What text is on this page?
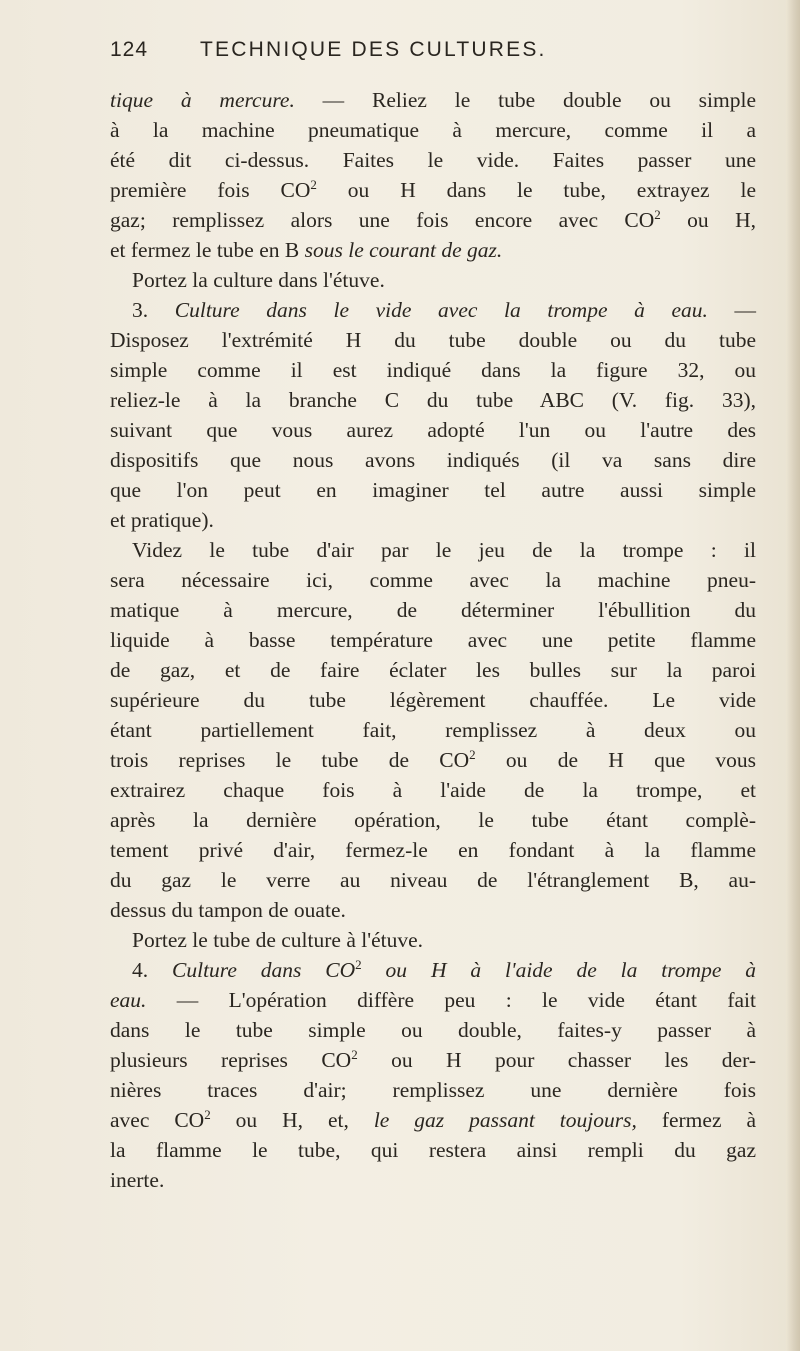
124 TECHNIQUE DES CULTURES.
tique à mercure. — Reliez le tube double ou simple
à la machine pneumatique à mercure, comme il a
été dit ci-dessus. Faites le vide. Faites passer une
première fois $CO^2$ ou H dans le tube, extrayez le
gaz; remplissez alors une fois encore avec $CO^2$ ou H,
et fermez le tube en B sous le courant de gaz.
Portez la culture dans l'étuve.
3. Culture dans le vide avec la trompe à eau. —
Disposez l'extrémité H du tube double ou du tube
simple comme il est indiqué dans la figure 32, ou
reliez-le à la branche C du tube ABC (V. fig. 33),
suivant que vous aurez adopté l'un ou l'autre des
dispositifs que nous avons indiqués (il va sans dire
que l'on peut en imaginer tel autre aussi simple
et pratique).
Videz le tube d'air par le jeu de la trompe : il
sera nécessaire ici, comme avec la machine pneu-
matique à mercure, de déterminer l'ébullition du
liquide à basse température avec une petite flamme
de gaz, et de faire éclater les bulles sur la paroi
supérieure du tube légèrement chauffée. Le vide
étant partiellement fait, remplissez à deux ou
trois reprises le tube de $CO^2$ ou de H que vous
extrairez chaque fois à l'aide de la trompe, et
après la dernière opération, le tube étant complè-
tement privé d'air, fermez-le en fondant à la flamme
du gaz le verre au niveau de l'étranglement B, au-
dessus du tampon de ouate.
Portez le tube de culture à l'étuve.
4. Culture dans $CO^2$ ou H à l'aide de la trompe à
eau. — L'opération diffère peu : le vide étant fait
dans le tube simple ou double, faites-y passer à
plusieurs reprises $CO^2$ ou H pour chasser les der-
nières traces d'air; remplissez une dernière fois
avec $CO^2$ ou H, et, le gaz passant toujours, fermez à
la flamme le tube, qui restera ainsi rempli du gaz
inerte.
